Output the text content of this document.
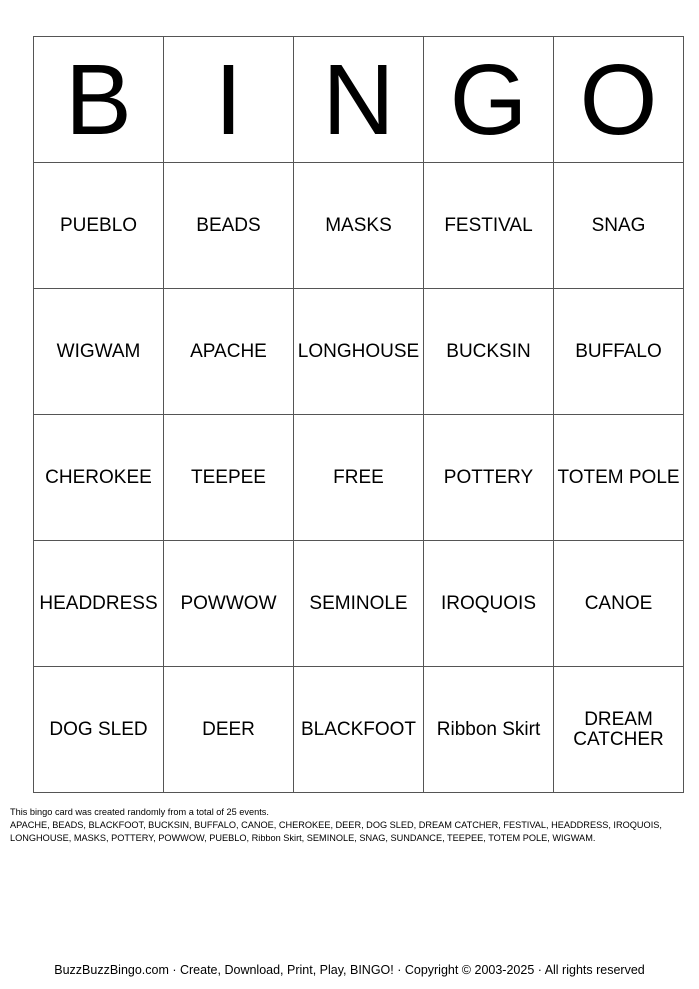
B	I	N	G	O
PUEBLO	BEADS	MASKS	FESTIVAL	SNAG
WIGWAM	APACHE	LONGHOUSE	BUCKSIN	BUFFALO
CHEROKEE	TEEPEE	FREE	POTTERY	TOTEM POLE
HEADDRESS	POWWOW	SEMINOLE	IROQUOIS	CANOE
DOG SLED	DEER	BLACKFOOT	Ribbon Skirt	DREAM CATCHER
This bingo card was created randomly from a total of 25 events.
APACHE, BEADS, BLACKFOOT, BUCKSIN, BUFFALO, CANOE, CHEROKEE, DEER, DOG SLED, DREAM CATCHER, FESTIVAL, HEADDRESS, IROQUOIS,
LONGHOUSE, MASKS, POTTERY, POWWOW, PUEBLO, Ribbon Skirt, SEMINOLE, SNAG, SUNDANCE, TEEPEE, TOTEM POLE, WIGWAM.
BuzzBuzzBingo.com · Create, Download, Print, Play, BINGO! · Copyright © 2003-2025 · All rights reserved
